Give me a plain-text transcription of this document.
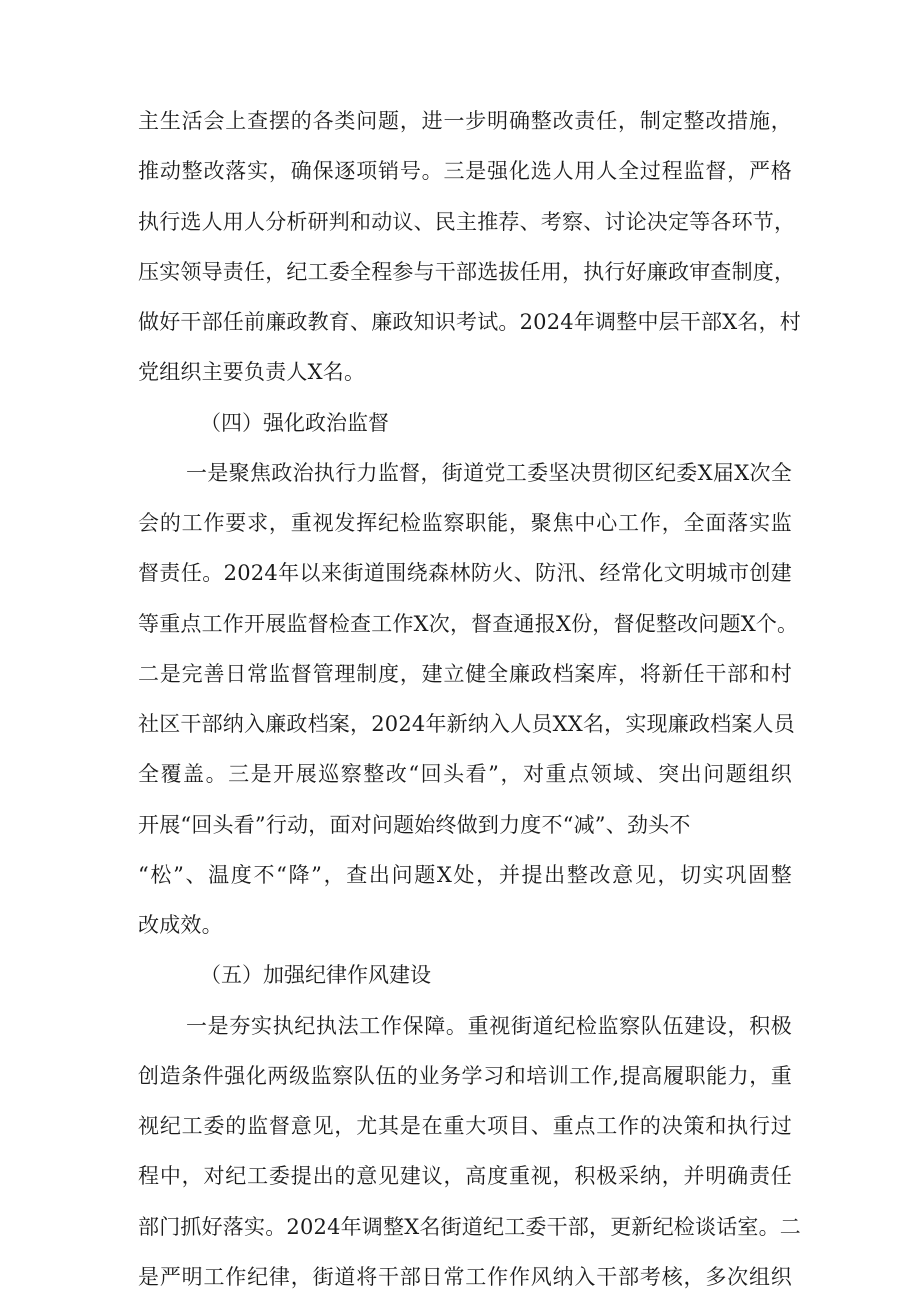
主生活会上查摆的各类问题，进一步明确整改责任，制定整改措施，

推动整改落实，确保逐项销号。三是强化选人用人全过程监督，严格

执行选人用人分析研判和动议、民主推荐、考察、讨论决定等各环节，

压实领导责任，纪工委全程参与干部选拔任用，执行好廉政审查制度，

做好干部任前廉政教育、廉政知识考试。2024年调整中层干部X名，村

党组织主要负责人X名。

（四）强化政治监督

一是聚焦政治执行力监督，街道党工委坚决贯彻区纪委X届X次全

会的工作要求，重视发挥纪检监察职能，聚焦中心工作，全面落实监

督责任。2024年以来街道围绕森林防火、防汛、经常化文明城市创建

等重点工作开展监督检查工作X次，督查通报X份，督促整改问题X个。

二是完善日常监督管理制度，建立健全廉政档案库，将新任干部和村

社区干部纳入廉政档案，2024年新纳入人员XX名，实现廉政档案人员

全覆盖。三是开展巡察整改“回头看”，对重点领域、突出问题组织

开展“回头看”行动，面对问题始终做到力度不“减”、劲头不

“松”、温度不“降”，查出问题X处，并提出整改意见，切实巩固整

改成效。

（五）加强纪律作风建设

一是夯实执纪执法工作保障。重视街道纪检监察队伍建设，积极

创造条件强化两级监察队伍的业务学习和培训工作,提高履职能力，重

视纪工委的监督意见，尤其是在重大项目、重点工作的决策和执行过

程中，对纪工委提出的意见建议，高度重视，积极采纳，并明确责任

部门抓好落实。2024年调整X名街道纪工委干部，更新纪检谈话室。二

是严明工作纪律，街道将干部日常工作作风纳入干部考核，多次组织
